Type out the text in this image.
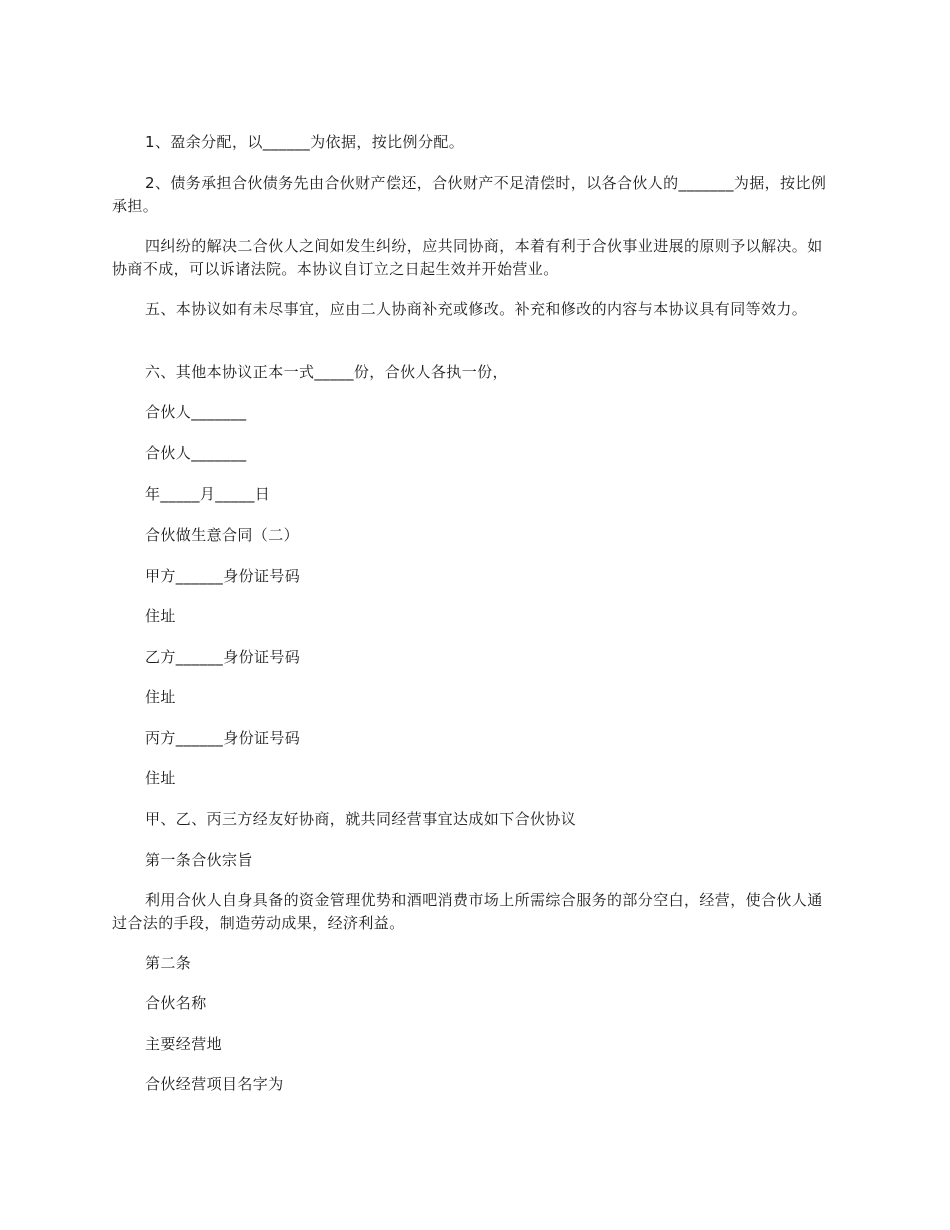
1、盈余分配，以______为依据，按比例分配。

2、债务承担合伙债务先由合伙财产偿还，合伙财产不足清偿时，以各合伙人的_______为据，按比例承担。

四纠纷的解决二合伙人之间如发生纠纷，应共同协商，本着有利于合伙事业进展的原则予以解决。如协商不成，可以诉诸法院。本协议自订立之日起生效并开始营业。

五、本协议如有未尽事宜，应由二人协商补充或修改。补充和修改的内容与本协议具有同等效力。

六、其他本协议正本一式_____份，合伙人各执一份，

合伙人_______

合伙人_______

年_____月_____日

合伙做生意合同（二）

甲方______身份证号码

住址

乙方______身份证号码

住址

丙方______身份证号码

住址

甲、乙、丙三方经友好协商，就共同经营事宜达成如下合伙协议

第一条合伙宗旨

利用合伙人自身具备的资金管理优势和酒吧消费市场上所需综合服务的部分空白，经营，使合伙人通过合法的手段，制造劳动成果，经济利益。

第二条

合伙名称

主要经营地

合伙经营项目名字为
